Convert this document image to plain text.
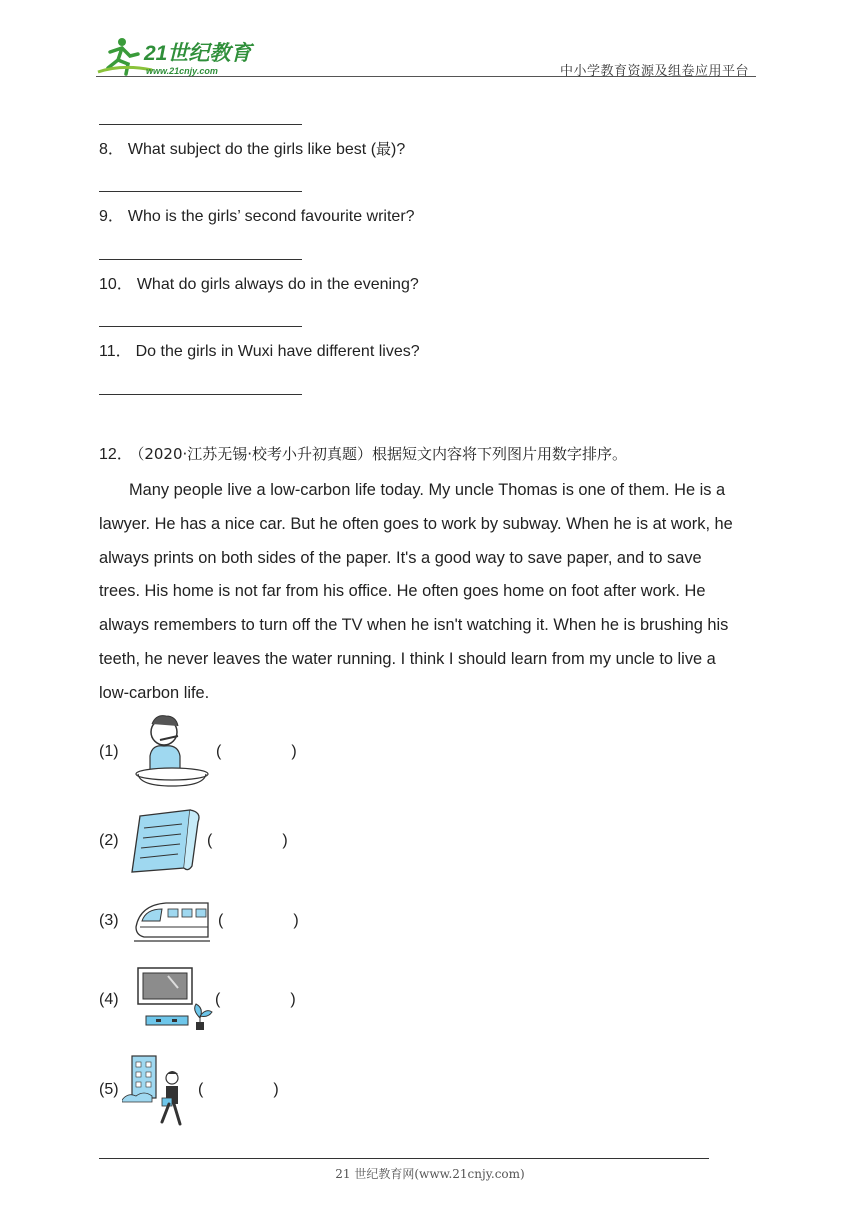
21世纪教育
www.21cnjy.com	中小学教育资源及组卷应用平台
8． What subject do the girls like best (最)?
9． Who is the girls’ second favourite writer?
10． What do girls always do in the evening?
11． Do the girls in Wuxi have different lives?
12． （2020·江苏无锡·校考小升初真题）根据短文内容将下列图片用数字排序。
Many people live a low-carbon life today. My uncle Thomas is one of them. He is a
lawyer. He has a nice car. But he often goes to work by subway. When he is at work, he
always prints on both sides of the paper. It's a good way to save paper, and to save
trees. His home is not far from his office. He often goes home on foot after work. He
always remembers to turn off the TV when he isn't watching it. When he is brushing his
teeth, he never leaves the water running. I think I should learn from my uncle to live a
low-carbon life.
(1)	(	)
(2)	(	)
(3)	(	)
(4)	(	)
(5)	(	)
21 世纪教育网(www.21cnjy.com)
